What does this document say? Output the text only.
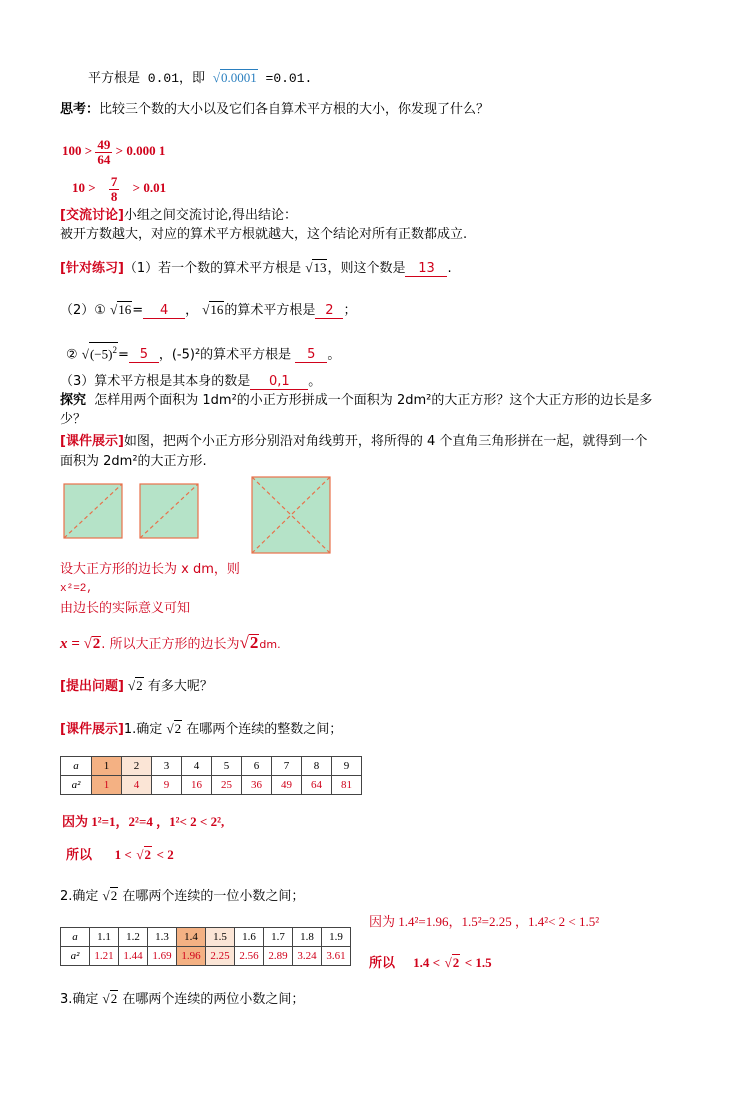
平方根是 0.01，即 √0.0001 =0.01.
思考：比较三个数的大小以及它们各自算术平方根的大小，你发现了什么？
$100 > \frac{49}{64} > 0.000$ 1
$10 > \frac{7}{8} > 0.01$
[交流讨论]小组之间交流讨论,得出结论：
被开方数越大，对应的算术平方根就越大，这个结论对所有正数都成立.
[针对练习]（1）若一个数的算术平方根是 √13，则这个数是 13 .
（2）① √16= 4 ， √16的算术平方根是 2 ；
② $√(-5)^2= 5$ ，(-5)²的算术平方根是 5 。
（3）算术平方根是其本身的数是 0,1 。
探究 怎样用两个面积为 1dm²的小正方形拼成一个面积为 2dm²的大正方形？这个大正方形的边长是多
少？
[课件展示]如图，把两个小正方形分别沿对角线剪开，将所得的 4 个直角三角形拼在一起，就得到一个
面积为 2dm²的大正方形.
设大正方形的边长为 x dm，则
x²=2,
由边长的实际意义可知
x = √2. 所以大正方形的边长为√2dm.
[提出问题] √2 有多大呢？
[课件展示]1.确定 √2 在哪两个连续的整数之间；
a	1	2	3	4	5	6	7	8	9
a²	1	4	9	16	25	36	49	64	81
因为 1²=1，2²=4 ，1²< 2 < 2²,
所以 1 < √2 < 2
2.确定 √2 在哪两个连续的一位小数之间；
因为 1.4²=1.96，1.5²=2.25 ，1.4²< 2 < 1.5²
a	1.1	1.2	1.3	1.4	1.5	1.6	1.7	1.8	1.9
a²	1.21	1.44	1.69	1.96	2.25	2.56	2.89	3.24	3.61 所以 1.4 < √2 < 1.5
3.确定 √2 在哪两个连续的两位小数之间；
